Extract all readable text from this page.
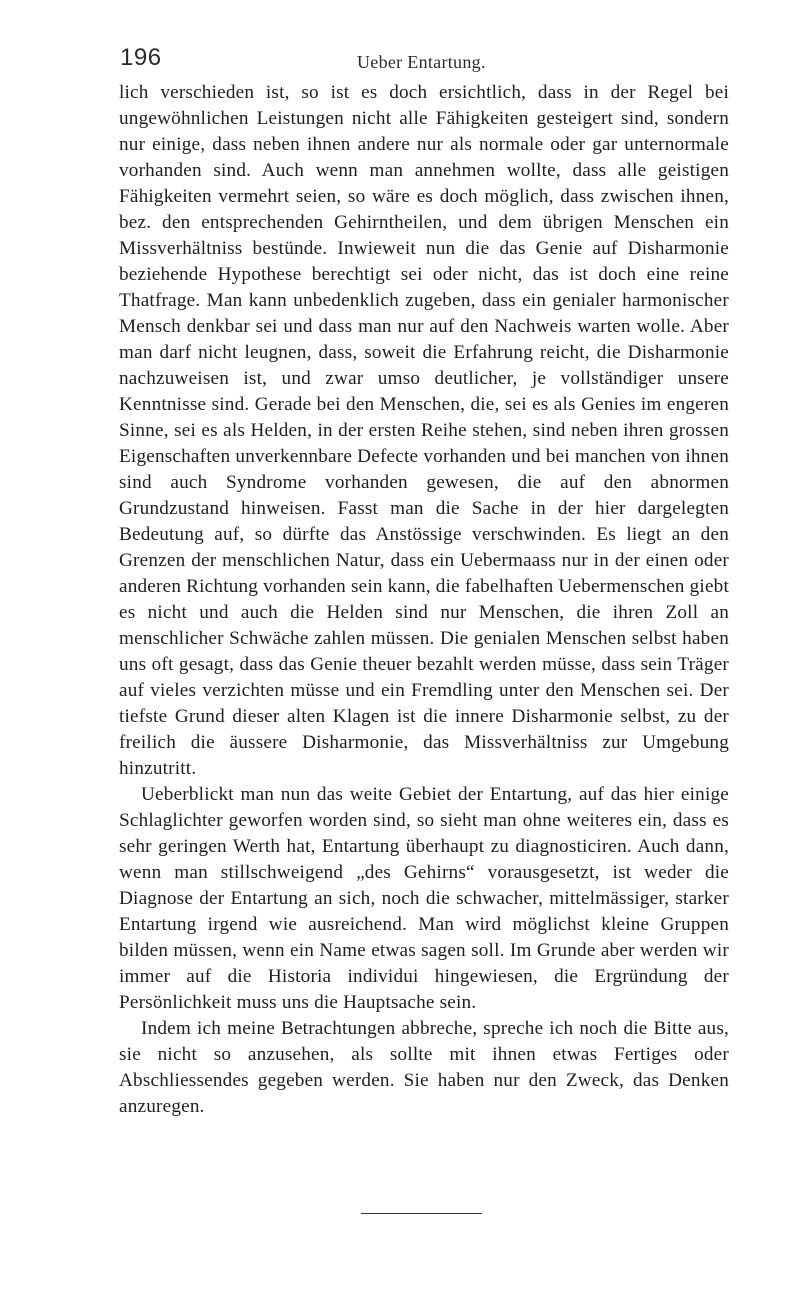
196	Ueber Entartung.

lich verschieden ist, so ist es doch ersichtlich, dass in der Regel bei ungewöhnlichen Leistungen nicht alle Fähigkeiten gesteigert sind, sondern nur einige, dass neben ihnen andere nur als normale oder gar unternormale vorhanden sind. Auch wenn man annehmen wollte, dass alle geistigen Fähigkeiten vermehrt seien, so wäre es doch möglich, dass zwischen ihnen, bez. den entsprechenden Gehirntheilen, und dem übrigen Menschen ein Missverhältniss bestünde. Inwieweit nun die das Genie auf Disharmonie beziehende Hypothese berechtigt sei oder nicht, das ist doch eine reine Thatfrage. Man kann unbedenklich zugeben, dass ein genialer harmonischer Mensch denkbar sei und dass man nur auf den Nachweis warten wolle. Aber man darf nicht leugnen, dass, soweit die Erfahrung reicht, die Disharmonie nachzuweisen ist, und zwar umso deutlicher, je vollständiger unsere Kenntnisse sind. Gerade bei den Menschen, die, sei es als Genies im engeren Sinne, sei es als Helden, in der ersten Reihe stehen, sind neben ihren grossen Eigenschaften unverkennbare Defecte vorhanden und bei manchen von ihnen sind auch Syndrome vorhanden gewesen, die auf den abnormen Grundzustand hinweisen. Fasst man die Sache in der hier dargelegten Bedeutung auf, so dürfte das Anstössige verschwinden. Es liegt an den Grenzen der menschlichen Natur, dass ein Uebermaass nur in der einen oder anderen Richtung vorhanden sein kann, die fabelhaften Uebermenschen giebt es nicht und auch die Helden sind nur Menschen, die ihren Zoll an menschlicher Schwäche zahlen müssen. Die genialen Menschen selbst haben uns oft gesagt, dass das Genie theuer bezahlt werden müsse, dass sein Träger auf vieles verzichten müsse und ein Fremdling unter den Menschen sei. Der tiefste Grund dieser alten Klagen ist die innere Disharmonie selbst, zu der freilich die äussere Disharmonie, das Missverhältniss zur Umgebung hinzutritt.

Ueberblickt man nun das weite Gebiet der Entartung, auf das hier einige Schlaglichter geworfen worden sind, so sieht man ohne weiteres ein, dass es sehr geringen Werth hat, Entartung überhaupt zu diagnosticiren. Auch dann, wenn man stillschweigend „des Gehirns“ vorausgesetzt, ist weder die Diagnose der Entartung an sich, noch die schwacher, mittelmässiger, starker Entartung irgend wie ausreichend. Man wird möglichst kleine Gruppen bilden müssen, wenn ein Name etwas sagen soll. Im Grunde aber werden wir immer auf die Historia individui hingewiesen, die Ergründung der Persönlichkeit muss uns die Hauptsache sein.

Indem ich meine Betrachtungen abbreche, spreche ich noch die Bitte aus, sie nicht so anzusehen, als sollte mit ihnen etwas Fertiges oder Abschliessendes gegeben werden. Sie haben nur den Zweck, das Denken anzuregen.
